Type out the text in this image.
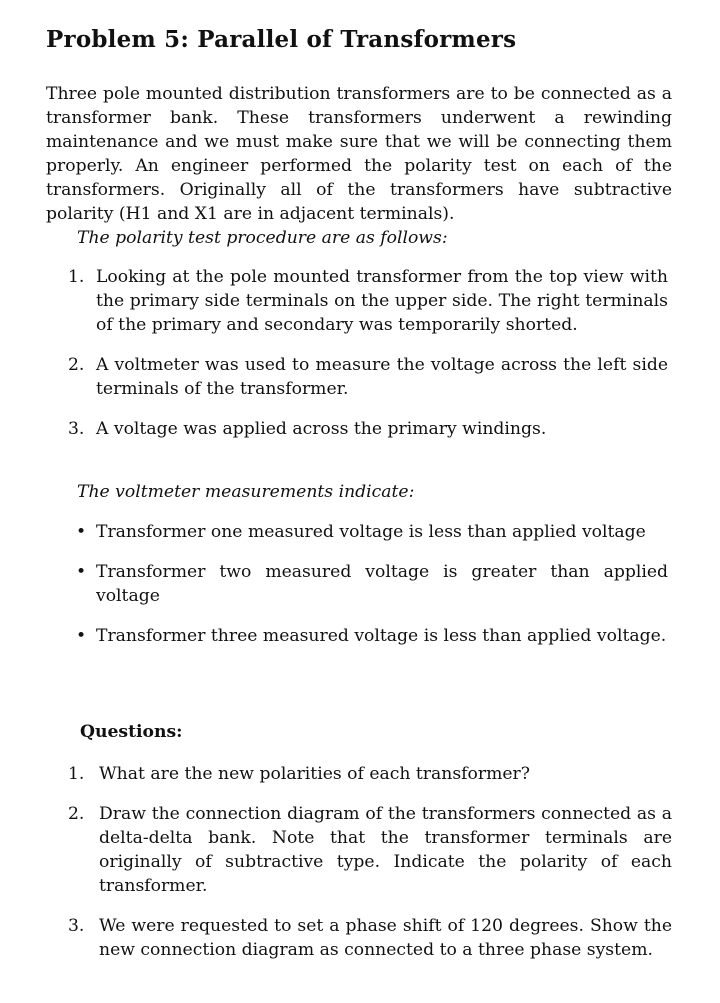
Problem 5: Parallel of Transformers

Three pole mounted distribution transformers are to be connected as a transformer bank. These transformers underwent a rewinding maintenance and we must make sure that we will be connecting them properly. An engineer performed the polarity test on each of the transformers. Originally all of the transformers have subtractive polarity (H1 and X1 are in adjacent terminals).

The polarity test procedure are as follows:

1. Looking at the pole mounted transformer from the top view with the primary side terminals on the upper side. The right terminals of the primary and secondary was temporarily shorted.
2. A voltmeter was used to measure the voltage across the left side terminals of the transformer.
3. A voltage was applied across the primary windings.

The voltmeter measurements indicate:

• Transformer one measured voltage is less than applied voltage
• Transformer two measured voltage is greater than applied voltage
• Transformer three measured voltage is less than applied voltage.

Questions:

1. What are the new polarities of each transformer?
2. Draw the connection diagram of the transformers connected as a delta-delta bank. Note that the transformer terminals are originally of subtractive type. Indicate the polarity of each transformer.
3. We were requested to set a phase shift of 120 degrees. Show the new connection diagram as connected to a three phase system.
